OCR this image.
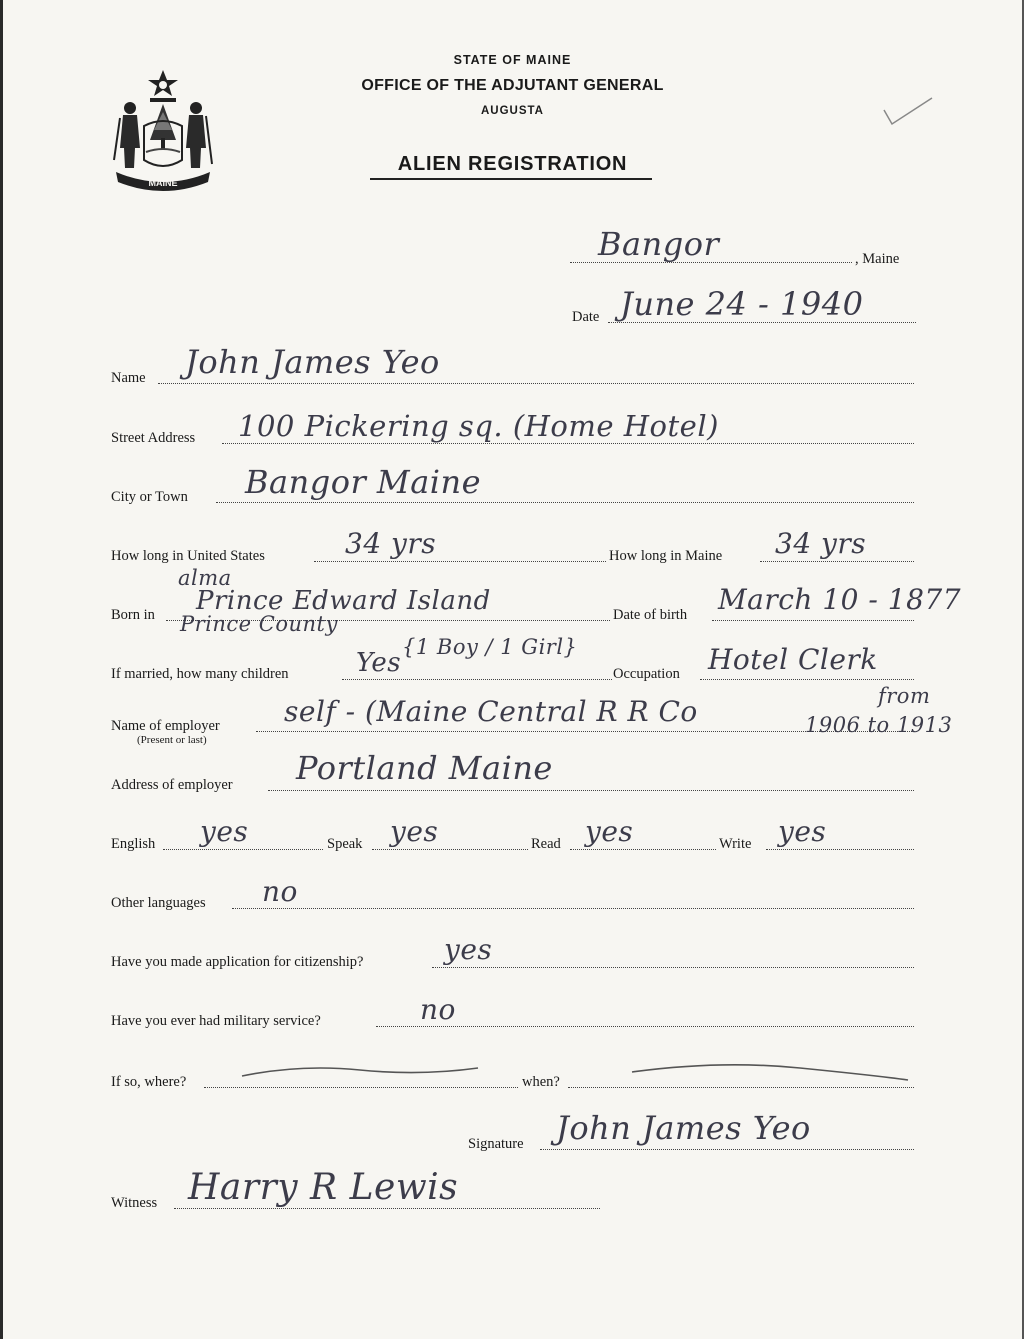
MAINE
STATE OF MAINE
OFFICE OF THE ADJUTANT GENERAL
AUGUSTA
ALIEN REGISTRATION
Bangor	, Maine
Date June 24 - 1940
Name John James Yeo
Street Address 100 Pickering sq. (Home Hotel)
City or Town Bangor Maine
How long in United States	34 yrs	How long in Maine 34 yrs
alma
Born in Prince Edward Island
Prince County	Date of birth March 10 - 1877
If married, how many children	Yes
{1 Boy / 1 Girl}
Occupation Hotel Clerk
Name of employer
(Present or last)
self - (Maine Central R R Co	from
1906 to 1913
Address of employer Portland Maine
English yes	Speak yes	Read yes	Write yes
Other languages no
Have you made application for citizenship?	yes
Have you ever had military service?	no
If so, where?	when?
Signature John James Yeo
Witness Harry R Lewis
